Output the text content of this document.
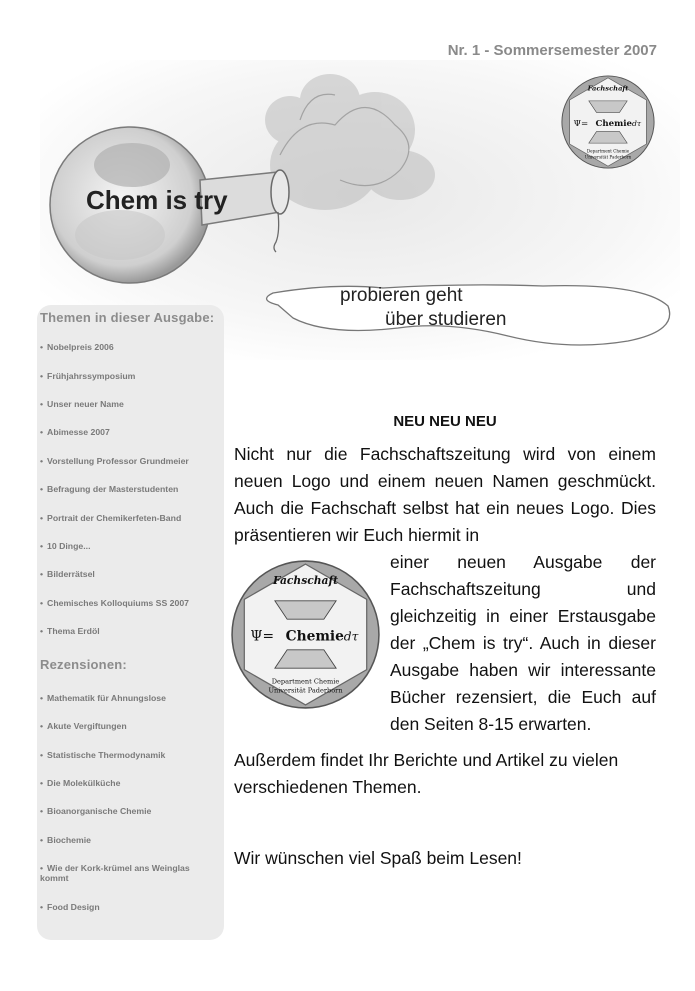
Nr. 1 - Sommersemester 2007
Chem is try
probieren geht
über studieren
Fachschaft
Ψ= Chemie dτ
Department Chemie
Universität Paderborn
Themen in dieser Ausgabe:
• Nobelpreis 2006
• Frühjahrssymposium
• Unser neuer Name
• Abimesse 2007
• Vorstellung Professor Grundmeier
• Befragung der Masterstudenten
• Portrait der Chemikerfeten-Band
• 10 Dinge...
• Bilderrätsel
• Chemisches Kolloquiums SS 2007
• Thema Erdöl
Rezensionen:
• Mathematik für Ahnungslose
• Akute Vergiftungen
• Statistische Thermodynamik
• Die Molekülküche
• Bioanorganische Chemie
• Biochemie
• Wie der Kork-krümel ans Weinglas kommt
• Food Design
NEU NEU NEU

Nicht nur die Fachschaftszeitung wird von einem neuen Logo und einem neuen Namen geschmückt. Auch die Fachschaft selbst hat ein neues Logo. Dies präsentieren wir Euch hiermit in

Fachschaft
Ψ= Chemie dτ
Department Chemie
Universität Paderborn

einer neuen Ausgabe der Fachschaftszeitung und gleichzeitig in einer Erstausgabe der „Chem is try“. Auch in dieser Ausgabe haben wir interessante Bücher rezensiert, die Euch auf den Seiten 8-15 erwarten.

Außerdem findet Ihr Berichte und Artikel zu vielen verschiedenen Themen.

Wir wünschen viel Spaß beim Lesen!
